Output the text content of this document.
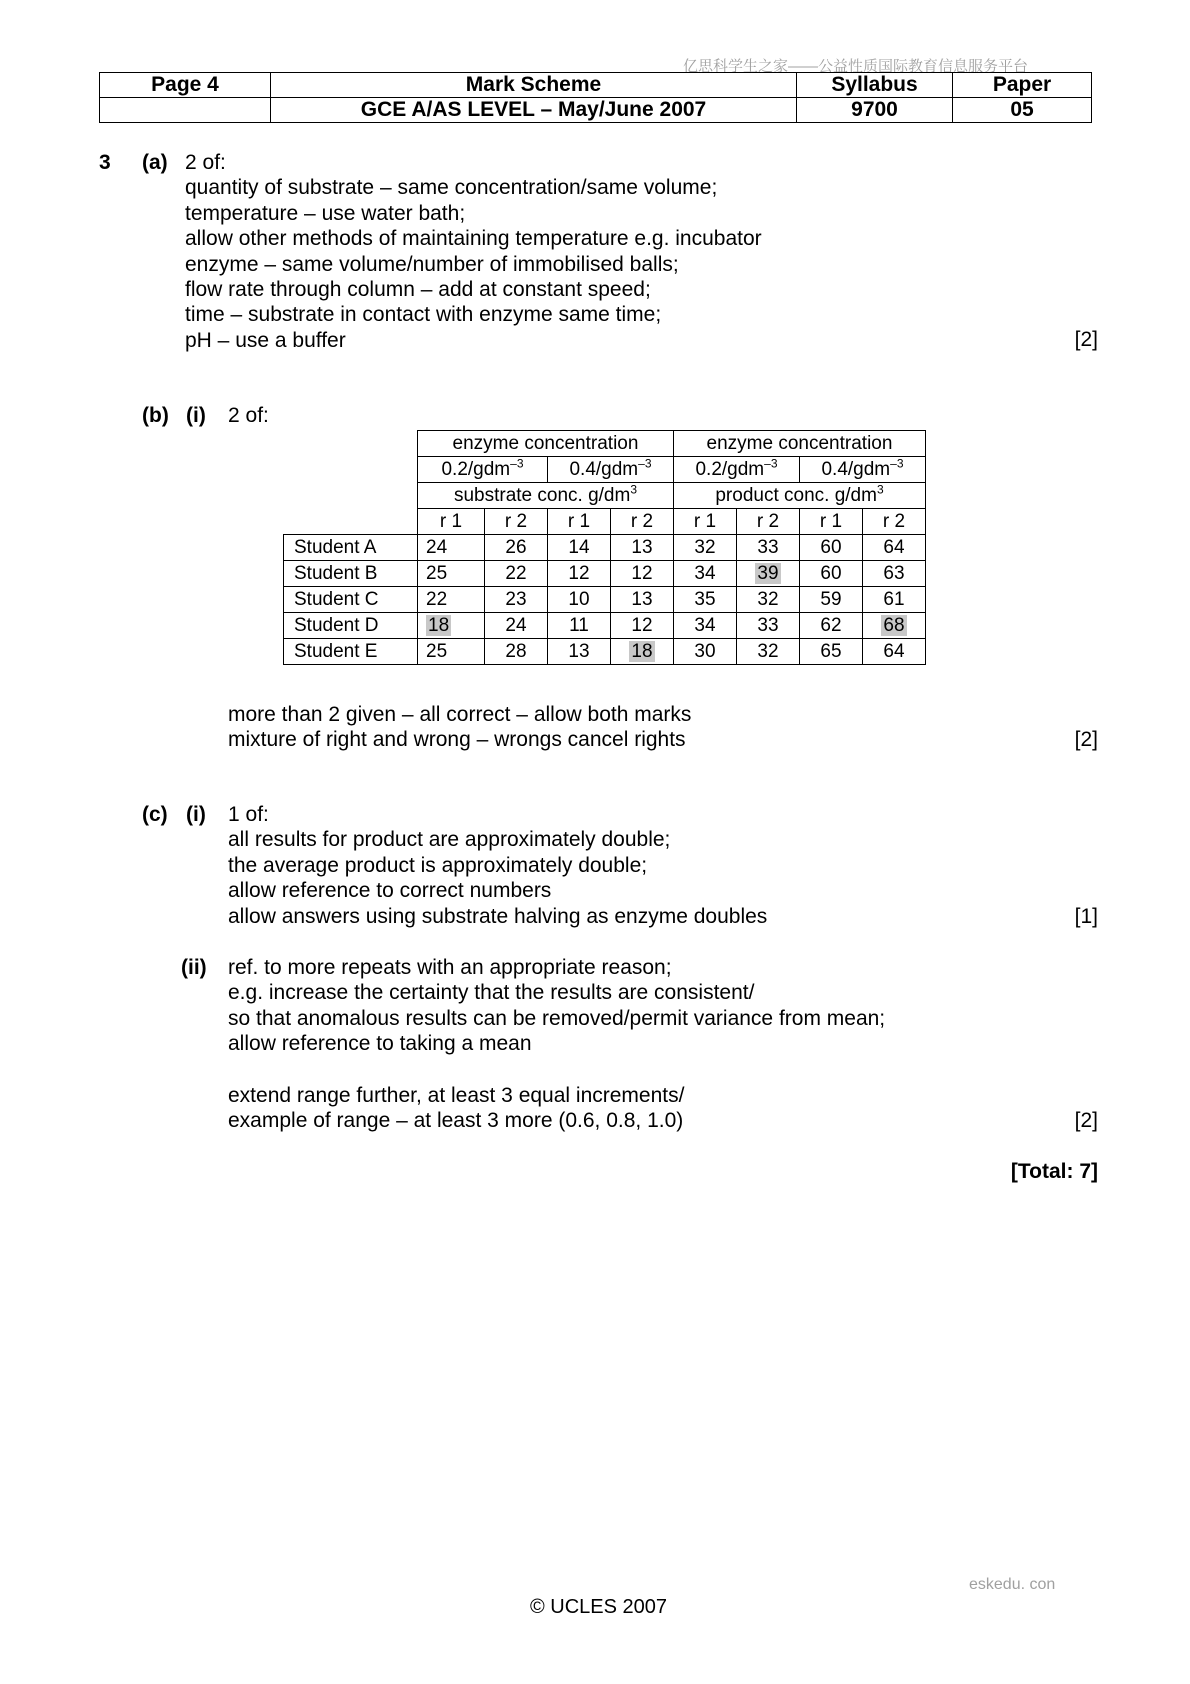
亿思科学生之家——公益性质国际教育信息服务平台
Page 4	Mark Scheme	Syllabus	Paper
	GCE A/AS LEVEL – May/June 2007	9700	05
3 (a) 2 of:
quantity of substrate – same concentration/same volume;
temperature – use water bath;
allow other methods of maintaining temperature e.g. incubator
enzyme – same volume/number of immobilised balls;
flow rate through column – add at constant speed;
time – substrate in contact with enzyme same time;
pH – use a buffer	[2]
(b) (i) 2 of:
	enzyme concentration				enzyme concentration			
	0.2/gdm$^{-3}$		0.4/gdm$^{-3}$		0.2/gdm$^{-3}$		0.4/gdm$^{-3}$
	substrate conc. $g/dm^3$				product conc. $g/dm^3$
	r 1	r 2	r 1	r 2	r 1	r 2	r 1	r 2
Student A	24	26	14	13	32	33	60	64
Student B	25	22	12	12	34	39	60	63
Student C	22	23	10	13	35	32	59	61
Student D	18	24	11	12	34	33	62	68
Student E	25	28	13	18	30	32	65	64
more than 2 given – all correct – allow both marks
mixture of right and wrong – wrongs cancel rights	[2]
(c) (i) 1 of:
all results for product are approximately double;
the average product is approximately double;
allow reference to correct numbers
allow answers using substrate halving as enzyme doubles	[1]
(ii) ref. to more repeats with an appropriate reason;
e.g. increase the certainty that the results are consistent/
so that anomalous results can be removed/permit variance from mean;
allow reference to taking a mean
extend range further, at least 3 equal increments/
example of range – at least 3 more (0.6, 0.8, 1.0)	[2]
[Total: 7]
eskedu. con
© UCLES 2007
